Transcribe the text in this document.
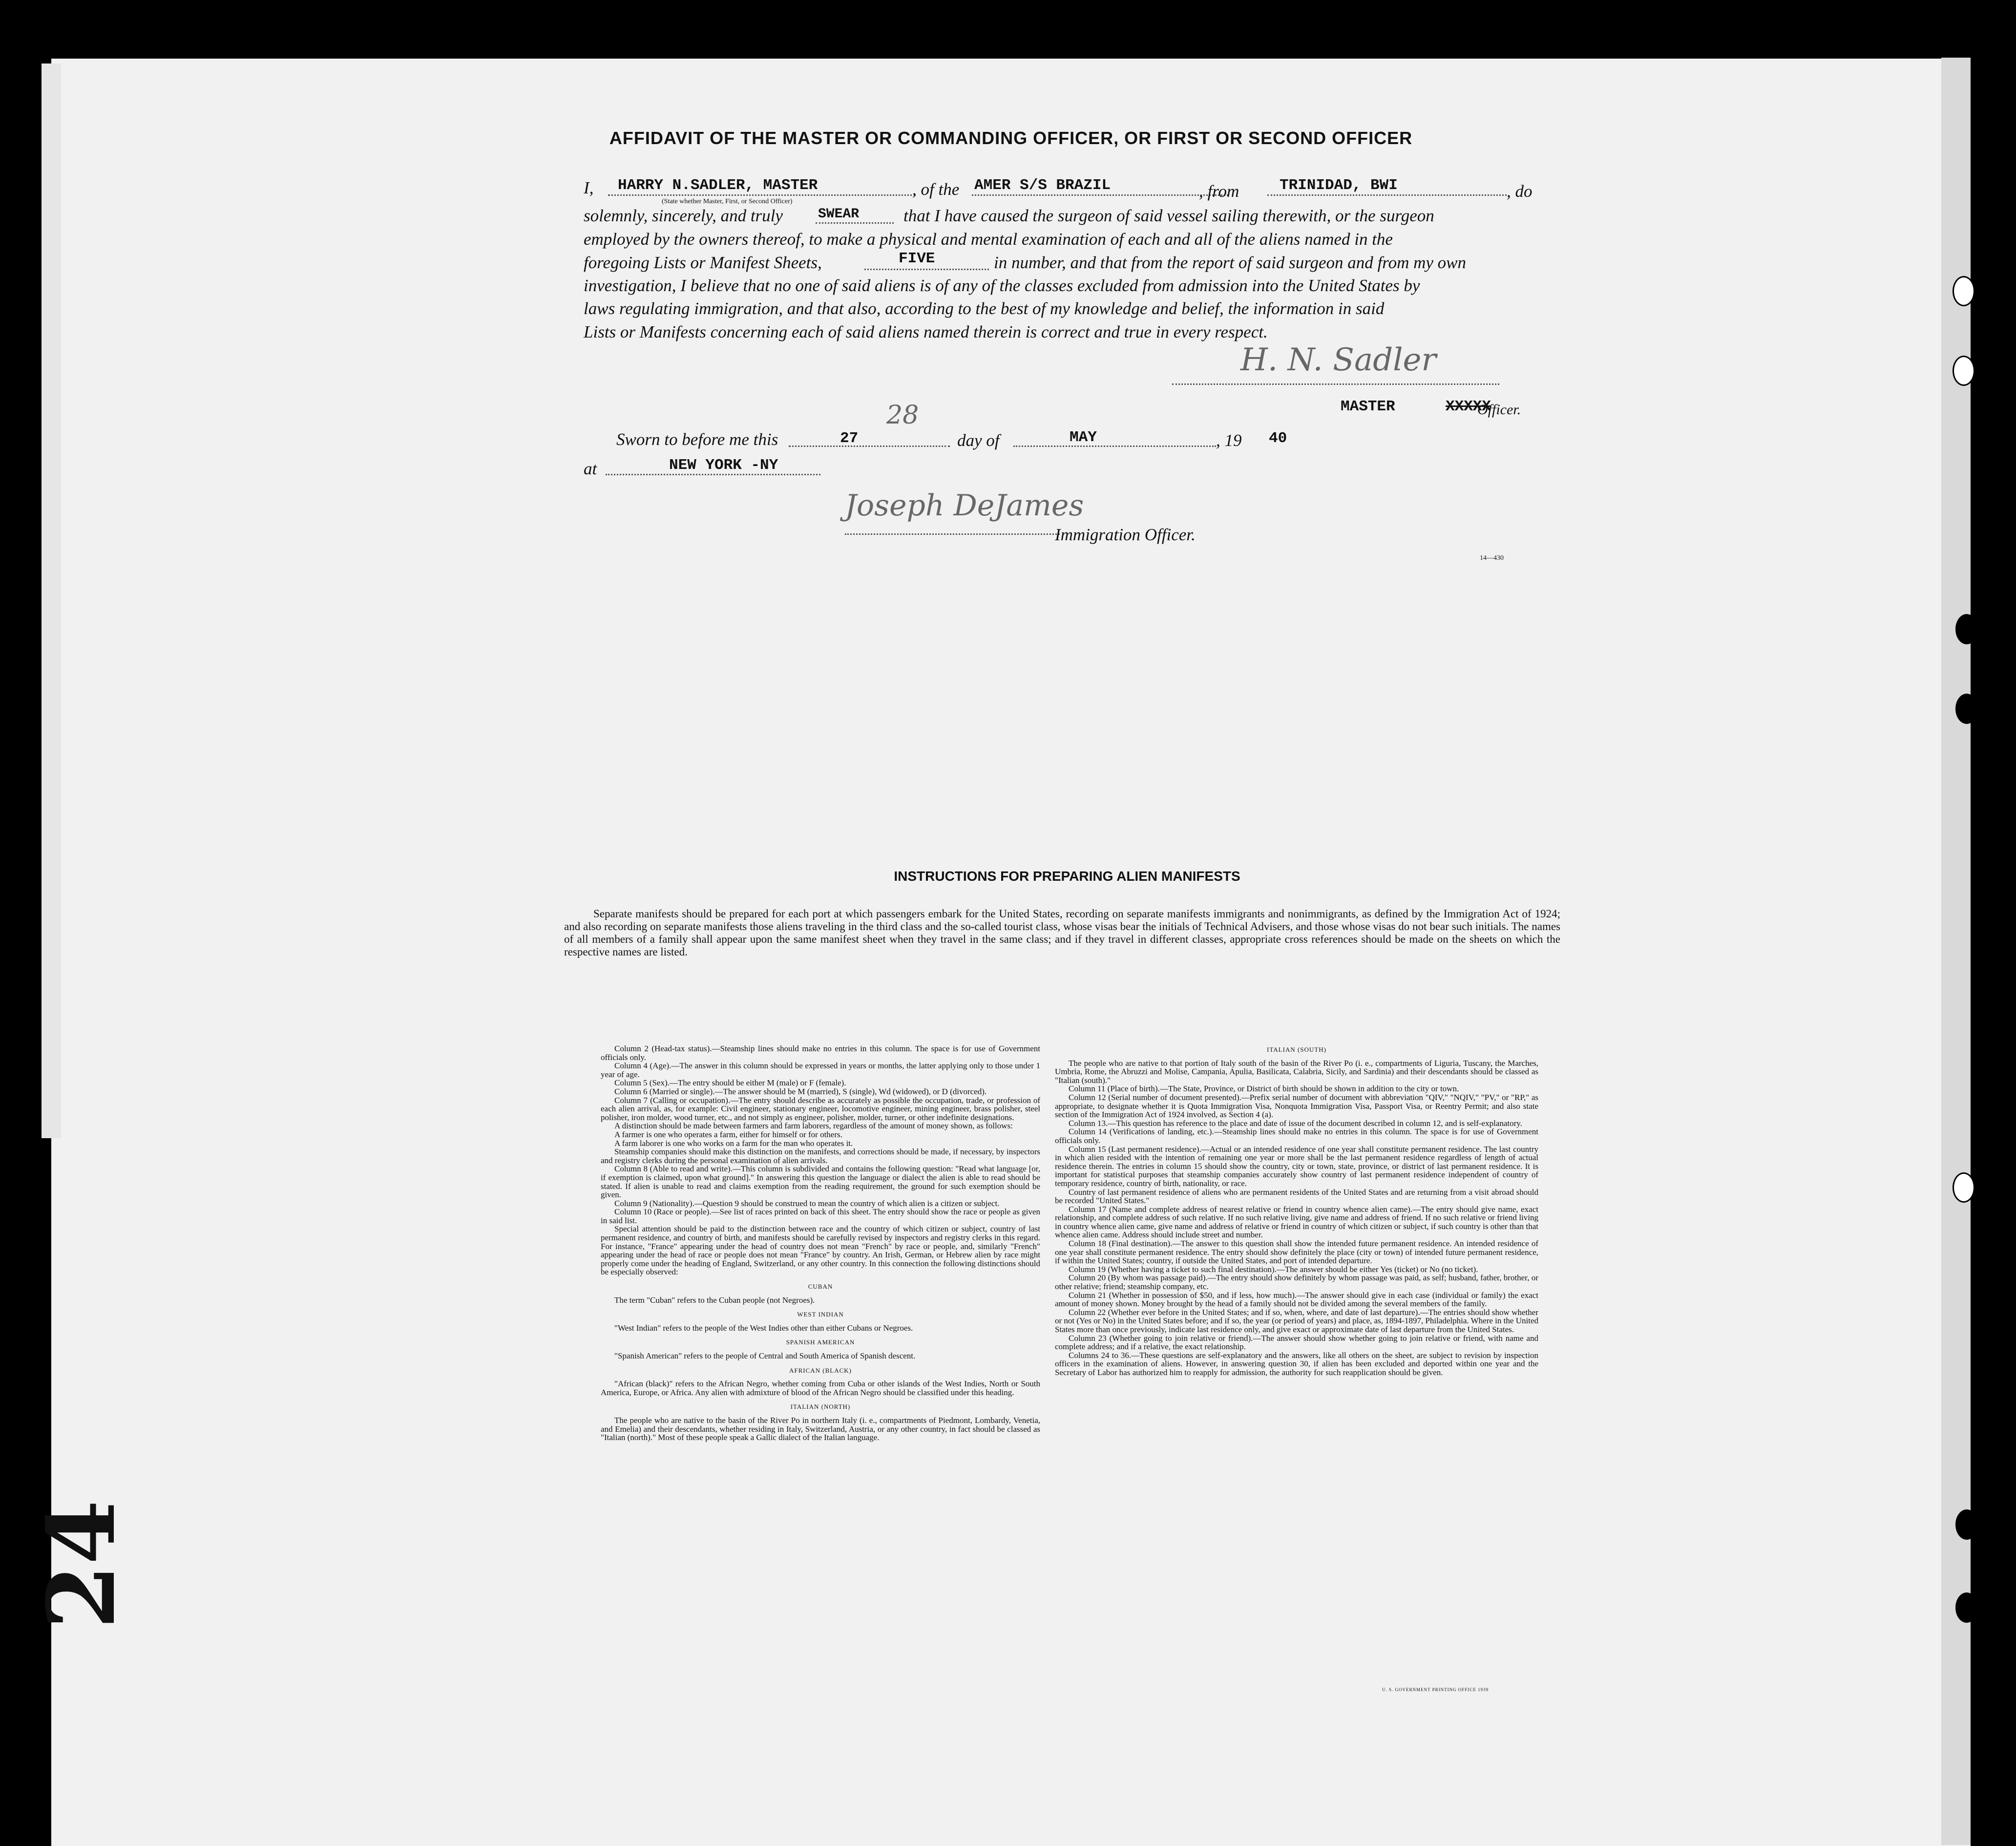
AFFIDAVIT OF THE MASTER OR COMMANDING OFFICER, OR FIRST OR SECOND OFFICER
I, HARRY N.SADLER, MASTER
(State whether Master, First, or Second Officer)
, of the AMER S/S BRAZIL	, from	TRINIDAD, BWI	, do
solemnly, sincerely, and truly	SWEAR	that I have caused the surgeon of said vessel sailing therewith, or the surgeon
employed by the owners thereof, to make a physical and mental examination of each and all of the aliens named in the
foregoing Lists or Manifest Sheets,	FIVE	in number, and that from the report of said surgeon and from my own
investigation, I believe that no one of said aliens is of any of the classes excluded from admission into the United States by
laws regulating immigration, and that also, according to the best of my knowledge and belief, the information in said
Lists or Manifests concerning each of said aliens named therein is correct and true in every respect.
H. N. Sadler
MASTER	XXXXX
Officer.
Sworn to before me this	27
28
day of	MAY	, 19 40
at	NEW YORK -NY
Joseph DeJames
Immigration Officer.
14—430
INSTRUCTIONS FOR PREPARING ALIEN MANIFESTS
Separate manifests should be prepared for each port at which passengers embark for the United States, recording on separate manifests immigrants and nonimmigrants, as defined by the Immigration Act of 1924; and also recording on separate manifests those aliens traveling in the third class and the so-called tourist class, whose visas bear the initials of Technical Advisers, and those whose visas do not bear such initials. The names of all members of a family shall appear upon the same manifest sheet when they travel in the same class; and if they travel in different classes, appropriate cross references should be made on the sheets on which the respective names are listed.

Column 2 (Head-tax status).—Steamship lines should make no entries in this column. The space is for use of Government officials only.

Column 4 (Age).—The answer in this column should be expressed in years or months, the latter applying only to those under 1 year of age.

Column 5 (Sex).—The entry should be either M (male) or F (female).

Column 6 (Married or single).—The answer should be M (married), S (single), Wd (widowed), or D (divorced).

Column 7 (Calling or occupation).—The entry should describe as accurately as possible the occupation, trade, or profession of each alien arrival, as, for example: Civil engineer, stationary engineer, locomotive engineer, mining engineer, brass polisher, steel polisher, iron molder, wood turner, etc., and not simply as engineer, polisher, molder, turner, or other indefinite designations.

A distinction should be made between farmers and farm laborers, regardless of the amount of money shown, as follows:

A farmer is one who operates a farm, either for himself or for others.

A farm laborer is one who works on a farm for the man who operates it.

Steamship companies should make this distinction on the manifests, and corrections should be made, if necessary, by inspectors and registry clerks during the personal examination of alien arrivals.

Column 8 (Able to read and write).—This column is subdivided and contains the following question: "Read what language [or, if exemption is claimed, upon what ground]." In answering this question the language or dialect the alien is able to read should be stated. If alien is unable to read and claims exemption from the reading requirement, the ground for such exemption should be given.

Column 9 (Nationality).—Question 9 should be construed to mean the country of which alien is a citizen or subject.

Column 10 (Race or people).—See list of races printed on back of this sheet. The entry should show the race or people as given in said list.

Special attention should be paid to the distinction between race and the country of which citizen or subject, country of last permanent residence, and country of birth, and manifests should be carefully revised by inspectors and registry clerks in this regard. For instance, "France" appearing under the head of country does not mean "French" by race or people, and, similarly "French" appearing under the head of race or people does not mean "France" by country. An Irish, German, or Hebrew alien by race might properly come under the heading of England, Switzerland, or any other country. In this connection the following distinctions should be especially observed:

CUBAN

The term "Cuban" refers to the Cuban people (not Negroes).

WEST INDIAN

"West Indian" refers to the people of the West Indies other than either Cubans or Negroes.

SPANISH AMERICAN

"Spanish American" refers to the people of Central and South America of Spanish descent.

AFRICAN (BLACK)

"African (black)" refers to the African Negro, whether coming from Cuba or other islands of the West Indies, North or South America, Europe, or Africa. Any alien with admixture of blood of the African Negro should be classified under this heading.

ITALIAN (NORTH)

The people who are native to the basin of the River Po in northern Italy (i. e., compartments of Piedmont, Lombardy, Venetia, and Emelia) and their descendants, whether residing in Italy, Switzerland, Austria, or any other country, in fact should be classed as "Italian (north)." Most of these people speak a Gallic dialect of the Italian language.

ITALIAN (SOUTH)

The people who are native to that portion of Italy south of the basin of the River Po (i. e., compartments of Liguria, Tuscany, the Marches, Umbria, Rome, the Abruzzi and Molise, Campania, Apulia, Basilicata, Calabria, Sicily, and Sardinia) and their descendants should be classed as "Italian (south)."

Column 11 (Place of birth).—The State, Province, or District of birth should be shown in addition to the city or town.

Column 12 (Serial number of document presented).—Prefix serial number of document with abbreviation "QIV," "NQIV," "PV," or "RP," as appropriate, to designate whether it is Quota Immigration Visa, Nonquota Immigration Visa, Passport Visa, or Reentry Permit; and also state section of the Immigration Act of 1924 involved, as Section 4 (a).

Column 13.—This question has reference to the place and date of issue of the document described in column 12, and is self-explanatory.

Column 14 (Verifications of landing, etc.).—Steamship lines should make no entries in this column. The space is for use of Government officials only.

Column 15 (Last permanent residence).—Actual or an intended residence of one year shall constitute permanent residence. The last country in which alien resided with the intention of remaining one year or more shall be the last permanent residence regardless of length of actual residence therein. The entries in column 15 should show the country, city or town, state, province, or district of last permanent residence. It is important for statistical purposes that steamship companies accurately show country of last permanent residence independent of country of temporary residence, country of birth, nationality, or race.

Country of last permanent residence of aliens who are permanent residents of the United States and are returning from a visit abroad should be recorded "United States."

Column 17 (Name and complete address of nearest relative or friend in country whence alien came).—The entry should give name, exact relationship, and complete address of such relative. If no such relative living, give name and address of friend. If no such relative or friend living in country whence alien came, give name and address of relative or friend in country of which citizen or subject, if such country is other than that whence alien came. Address should include street and number.

Column 18 (Final destination).—The answer to this question shall show the intended future permanent residence. An intended residence of one year shall constitute permanent residence. The entry should show definitely the place (city or town) of intended future permanent residence, if within the United States; country, if outside the United States, and port of intended departure.

Column 19 (Whether having a ticket to such final destination).—The answer should be either Yes (ticket) or No (no ticket).

Column 20 (By whom was passage paid).—The entry should show definitely by whom passage was paid, as self; husband, father, brother, or other relative; friend; steamship company, etc.

Column 21 (Whether in possession of $50, and if less, how much).—The answer should give in each case (individual or family) the exact amount of money shown. Money brought by the head of a family should not be divided among the several members of the family.

Column 22 (Whether ever before in the United States; and if so, when, where, and date of last departure).—The entries should show whether or not (Yes or No) in the United States before; and if so, the year (or period of years) and place, as, 1894-1897, Philadelphia. Where in the United States more than once previously, indicate last residence only, and give exact or approximate date of last departure from the United States.

Column 23 (Whether going to join relative or friend).—The answer should show whether going to join relative or friend, with name and complete address; and if a relative, the exact relationship.

Columns 24 to 36.—These questions are self-explanatory and the answers, like all others on the sheet, are subject to revision by inspection officers in the examination of aliens. However, in answering question 30, if alien has been excluded and deported within one year and the Secretary of Labor has authorized him to reapply for admission, the authority for such reapplication should be given.

U. S. GOVERNMENT PRINTING OFFICE 1939
24
